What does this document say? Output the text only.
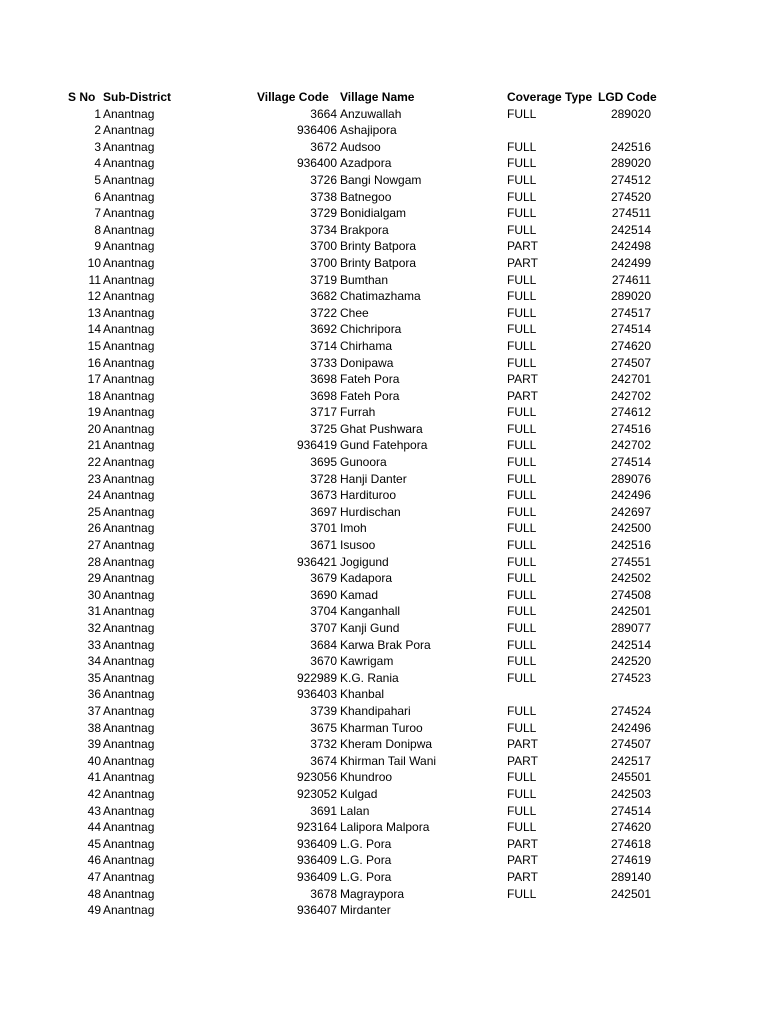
S No Sub-District	Village Code Village Name	Coverage Type LGD Code
1 Anantnag	3664 Anzuwallah	FULL	289020
2 Anantnag	936406 Ashajipora
3 Anantnag	3672 Audsoo	FULL	242516
4 Anantnag	936400 Azadpora	FULL	289020
5 Anantnag	3726 Bangi Nowgam	FULL	274512
6 Anantnag	3738 Batnegoo	FULL	274520
7 Anantnag	3729 Bonidialgam	FULL	274511
8 Anantnag	3734 Brakpora	FULL	242514
9 Anantnag	3700 Brinty Batpora	PART	242498
10 Anantnag	3700 Brinty Batpora	PART	242499
11 Anantnag	3719 Bumthan	FULL	274611
12 Anantnag	3682 Chatimazhama	FULL	289020
13 Anantnag	3722 Chee	FULL	274517
14 Anantnag	3692 Chichripora	FULL	274514
15 Anantnag	3714 Chirhama	FULL	274620
16 Anantnag	3733 Donipawa	FULL	274507
17 Anantnag	3698 Fateh Pora	PART	242701
18 Anantnag	3698 Fateh Pora	PART	242702
19 Anantnag	3717 Furrah	FULL	274612
20 Anantnag	3725 Ghat Pushwara	FULL	274516
21 Anantnag	936419 Gund Fatehpora	FULL	242702
22 Anantnag	3695 Gunoora	FULL	274514
23 Anantnag	3728 Hanji Danter	FULL	289076
24 Anantnag	3673 Hardituroo	FULL	242496
25 Anantnag	3697 Hurdischan	FULL	242697
26 Anantnag	3701 Imoh	FULL	242500
27 Anantnag	3671 Isusoo	FULL	242516
28 Anantnag	936421 Jogigund	FULL	274551
29 Anantnag	3679 Kadapora	FULL	242502
30 Anantnag	3690 Kamad	FULL	274508
31 Anantnag	3704 Kanganhall	FULL	242501
32 Anantnag	3707 Kanji Gund	FULL	289077
33 Anantnag	3684 Karwa Brak Pora	FULL	242514
34 Anantnag	3670 Kawrigam	FULL	242520
35 Anantnag	922989 K.G. Rania	FULL	274523
36 Anantnag	936403 Khanbal
37 Anantnag	3739 Khandipahari	FULL	274524
38 Anantnag	3675 Kharman Turoo	FULL	242496
39 Anantnag	3732 Kheram Donipwa	PART	274507
40 Anantnag	3674 Khirman Tail Wani	PART	242517
41 Anantnag	923056 Khundroo	FULL	245501
42 Anantnag	923052 Kulgad	FULL	242503
43 Anantnag	3691 Lalan	FULL	274514
44 Anantnag	923164 Lalipora Malpora	FULL	274620
45 Anantnag	936409 L.G. Pora	PART	274618
46 Anantnag	936409 L.G. Pora	PART	274619
47 Anantnag	936409 L.G. Pora	PART	289140
48 Anantnag	3678 Magraypora	FULL	242501
49 Anantnag	936407 Mirdanter
